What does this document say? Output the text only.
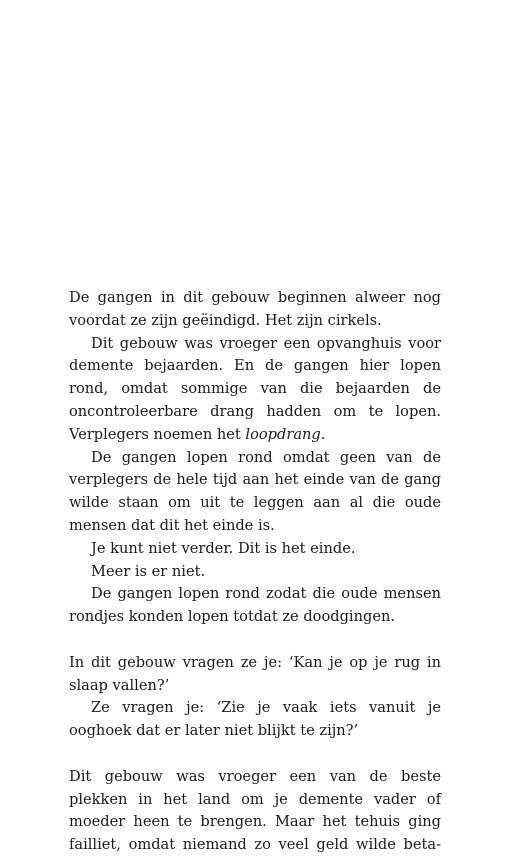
De gangen in dit gebouw beginnen alweer nog voordat ze zijn geëindigd. Het zijn cirkels.

Dit gebouw was vroeger een opvanghuis voor demente bejaarden. En de gangen hier lopen rond, omdat sommige van die bejaarden de oncontroleerbare drang hadden om te lopen. Verplegers noemen het loopdrang.

De gangen lopen rond omdat geen van de verplegers de hele tijd aan het einde van de gang wilde staan om uit te leggen aan al die oude mensen dat dit het einde is.

Je kunt niet verder. Dit is het einde.

Meer is er niet.

De gangen lopen rond zodat die oude mensen rondjes konden lopen totdat ze doodgingen.

In dit gebouw vragen ze je: ‘Kan je op je rug in slaap vallen?’

Ze vragen je: ‘Zie je vaak iets vanuit je ooghoek dat er later niet blijkt te zijn?’

Dit gebouw was vroeger een van de beste plekken in het land om je demente vader of moeder heen te brengen. Maar het tehuis ging failliet, omdat niemand zo veel geld wilde beta-
